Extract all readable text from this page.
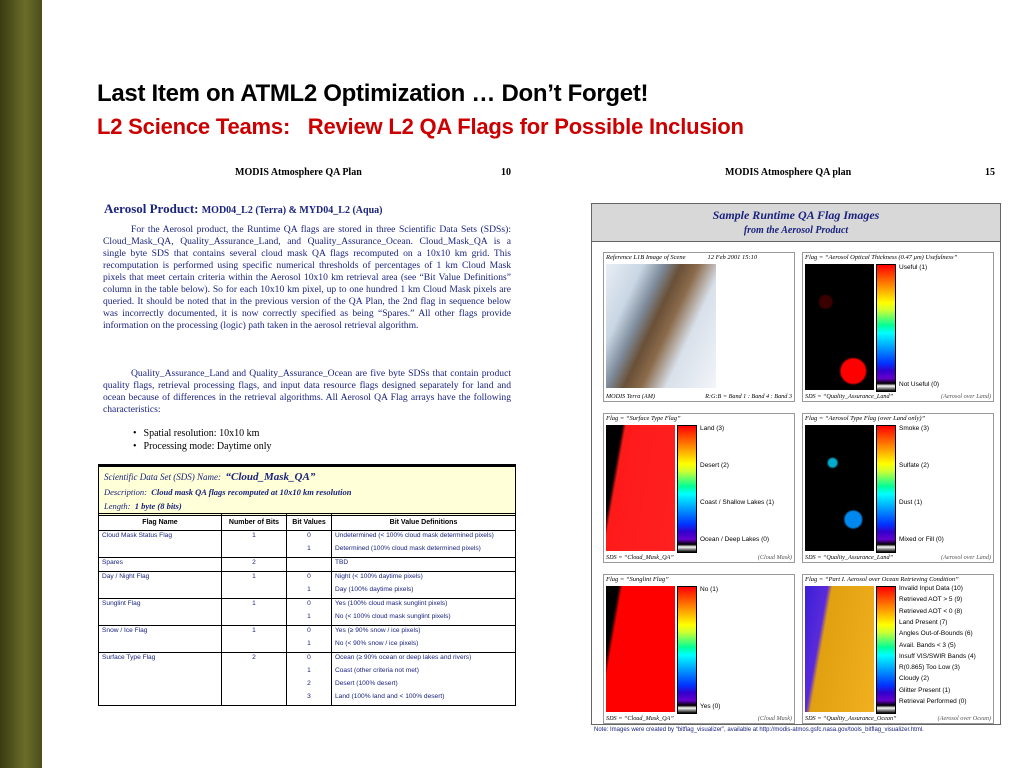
Last Item on ATML2 Optimization … Don’t Forget!
L2 Science Teams:   Review L2 QA Flags for Possible Inclusion
MODIS Atmosphere QA Plan	10
Aerosol Product: MOD04_L2 (Terra) & MYD04_L2 (Aqua)
For the Aerosol product, the Runtime QA flags are stored in three Scientific Data Sets (SDSs): Cloud_Mask_QA, Quality_Assurance_Land, and Quality_Assurance_Ocean. Cloud_Mask_QA is a single byte SDS that contains several cloud mask QA flags recomputed on a 10x10 km grid. This recomputation is performed using specific numerical thresholds of percentages of 1 km Cloud Mask pixels that meet certain criteria within the Aerosol 10x10 km retrieval area (see “Bit Value Definitions” column in the table below). So for each 10x10 km pixel, up to one hundred 1 km Cloud Mask pixels are queried. It should be noted that in the previous version of the QA Plan, the 2nd flag in sequence below was incorrectly documented, it is now correctly specified as being “Spares.” All other flags provide information on the processing (logic) path taken in the aerosol retrieval algorithm.
Quality_Assurance_Land and Quality_Assurance_Ocean are five byte SDSs that contain product quality flags, retrieval processing flags, and input data resource flags designed separately for land and ocean because of differences in the retrieval algorithms. All Aerosol QA Flag arrays have the following characteristics:
• Spatial resolution: 10x10 km
• Processing mode: Daytime only
Scientific Data Set (SDS) Name: “Cloud_Mask_QA”
Description: Cloud mask QA flags recomputed at 10x10 km resolution
Length: 1 byte (8 bits)
Flag Name	Number of Bits	Bit Values	Bit Value Definitions
Cloud Mask Status Flag	1	0	Undetermined (< 100% cloud mask determined pixels)
		1	Determined (100% cloud mask determined pixels)
Spares	2		TBD
Day / Night Flag	1	0	Night (< 100% daytime pixels)
		1	Day (100% daytime pixels)
Sunglint Flag	1	0	Yes (100% cloud mask sunglint pixels)
		1	No (< 100% cloud mask sunglint pixels)
Snow / Ice Flag	1	0	Yes (≥ 90% snow / ice pixels)
		1	No (< 90% snow / ice pixels)
Surface Type Flag	2	0	Ocean (≥ 90% ocean or deep lakes and rivers)
		1	Coast (other criteria not met)
		2	Desert (100% desert)
		3	Land (100% land and < 100% desert)
MODIS Atmosphere QA plan	15
Sample Runtime QA Flag Images
from the Aerosol Product
Reference L1B Image of Scene	12 Feb 2001 15:10
MODIS Terra (AM)	R:G:B = Band 1 : Band 4 : Band 3
Flag = “Aerosol Optical Thickness (0.47 μm) Usefulness”
Useful (1)
Not Useful (0)
SDS = “Quality_Assurance_Land”	(Aerosol over Land)
Flag = “Surface Type Flag”
Land (3)
Desert (2)
Coast / Shallow Lakes (1)
Ocean / Deep Lakes (0)
SDS = “Cloud_Mask_QA”	(Cloud Mask)
Flag = “Aerosol Type Flag (over Land only)”
Smoke (3)
Sulfate (2)
Dust (1)
Mixed or Fill (0)
SDS = “Quality_Assurance_Land”	(Aerosol over Land)
Flag = “Sunglint Flag”
No (1)
Yes (0)
SDS = “Cloud_Mask_QA”	(Cloud Mask)
Flag = “Part I. Aerosol over Ocean Retrieving Condition”
Invalid Input Data (10)
Retrieved AOT > 5 (9)
Retrieved AOT < 0 (8)
Land Present (7)
Angles Out-of-Bounds (6)
Avail. Bands < 3 (5)
Insuff VIS/SWIR Bands (4)
R(0.865) Too Low (3)
Cloudy (2)
Glitter Present (1)
Retrieval Performed (0)
SDS = “Quality_Assurance_Ocean”	(Aerosol over Ocean)
Note: Images were created by “bitflag_visualizer”, available at http://modis-atmos.gsfc.nasa.gov/tools_bitflag_visualizer.html.
